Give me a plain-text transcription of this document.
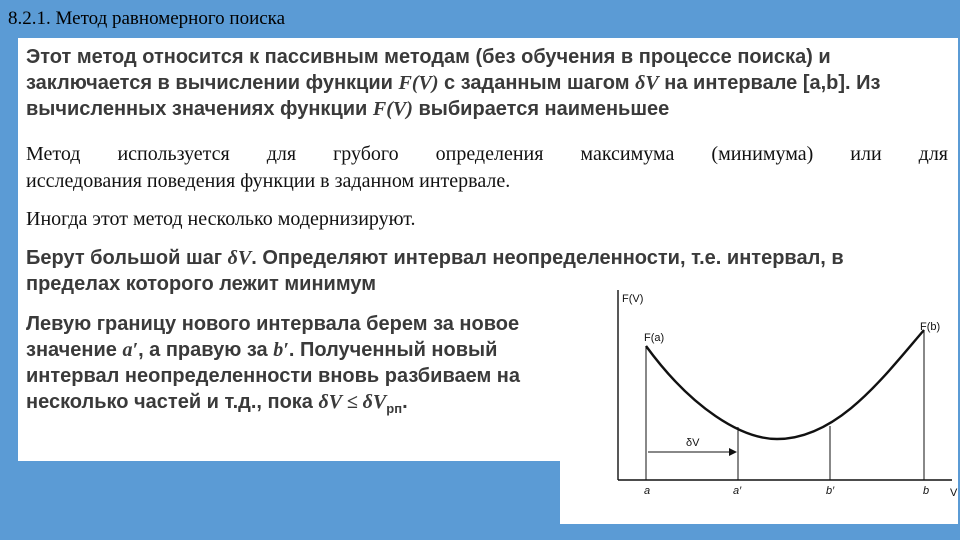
8.2.1. Метод равномерного поиска
Этот метод относится к пассивным методам (без обучения в процессе поиска) и
заключается в вычислении функции F(V) с заданным шагом δV на интервале [a,b]. Из
вычисленных значениях функции F(V) выбирается наименьшее
Метод используется для грубого определения максимума (минимума) или для
исследования поведения функции в заданном интервале.
Иногда этот метод несколько модернизируют.
Берут большой шаг δV. Определяют интервал неопределенности, т.е. интервал, в
пределах которого лежит минимум
Левую границу нового интервала берем за новое
значение a′, а правую за b′. Полученный новый
интервал неопределенности вновь разбиваем на
несколько частей и т.д., пока $\delta V \le \delta V_{рп}$.
F(V)
V
F(a)
F(b)
δV
a	a′	b′	b
